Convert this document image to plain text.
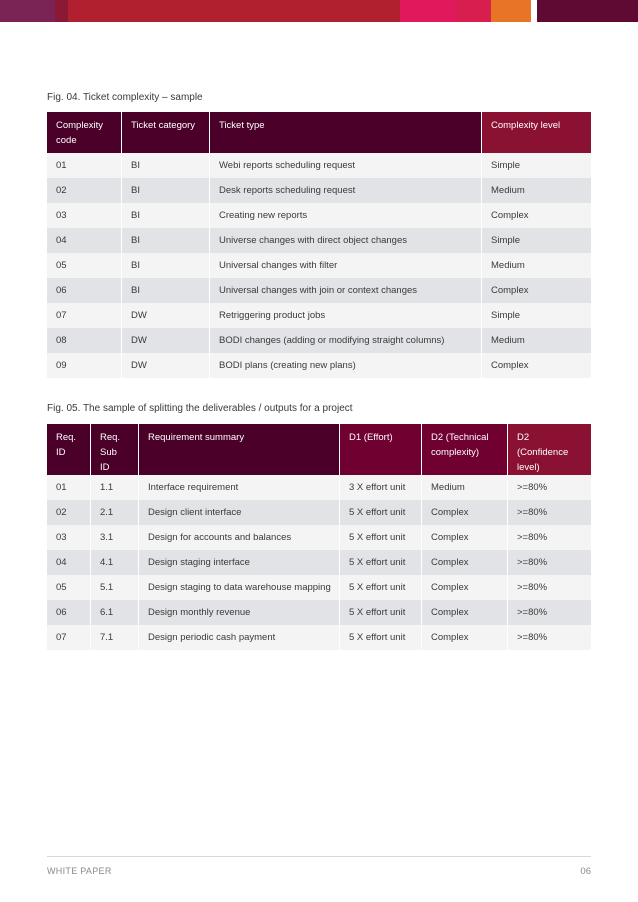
Fig. 04. Ticket complexity – sample
Complexity code	Ticket category	Ticket type	Complexity level
01	BI	Webi reports scheduling request	Simple
02	BI	Desk reports scheduling request	Medium
03	BI	Creating new reports	Complex
04	BI	Universe changes with direct object changes	Simple
05	BI	Universal changes with filter	Medium
06	BI	Universal changes with join or context changes	Complex
07	DW	Retriggering product jobs	Simple
08	DW	BODI changes (adding or modifying straight columns)	Medium
09	DW	BODI plans (creating new plans)	Complex
Fig. 05. The sample of splitting the deliverables / outputs for a project
Req. ID	Req. Sub ID	Requirement summary	D1 (Effort)	D2 (Technical complexity)	D2 (Confidence level)
01	1.1	Interface requirement	3 X effort unit	Medium	>=80%
02	2.1	Design client interface	5 X effort unit	Complex	>=80%
03	3.1	Design for accounts and balances	5 X effort unit	Complex	>=80%
04	4.1	Design staging interface	5 X effort unit	Complex	>=80%
05	5.1	Design staging to data warehouse mapping	5 X effort unit	Complex	>=80%
06	6.1	Design monthly revenue	5 X effort unit	Complex	>=80%
07	7.1	Design periodic cash payment	5 X effort unit	Complex	>=80%
WHITE PAPER	06
